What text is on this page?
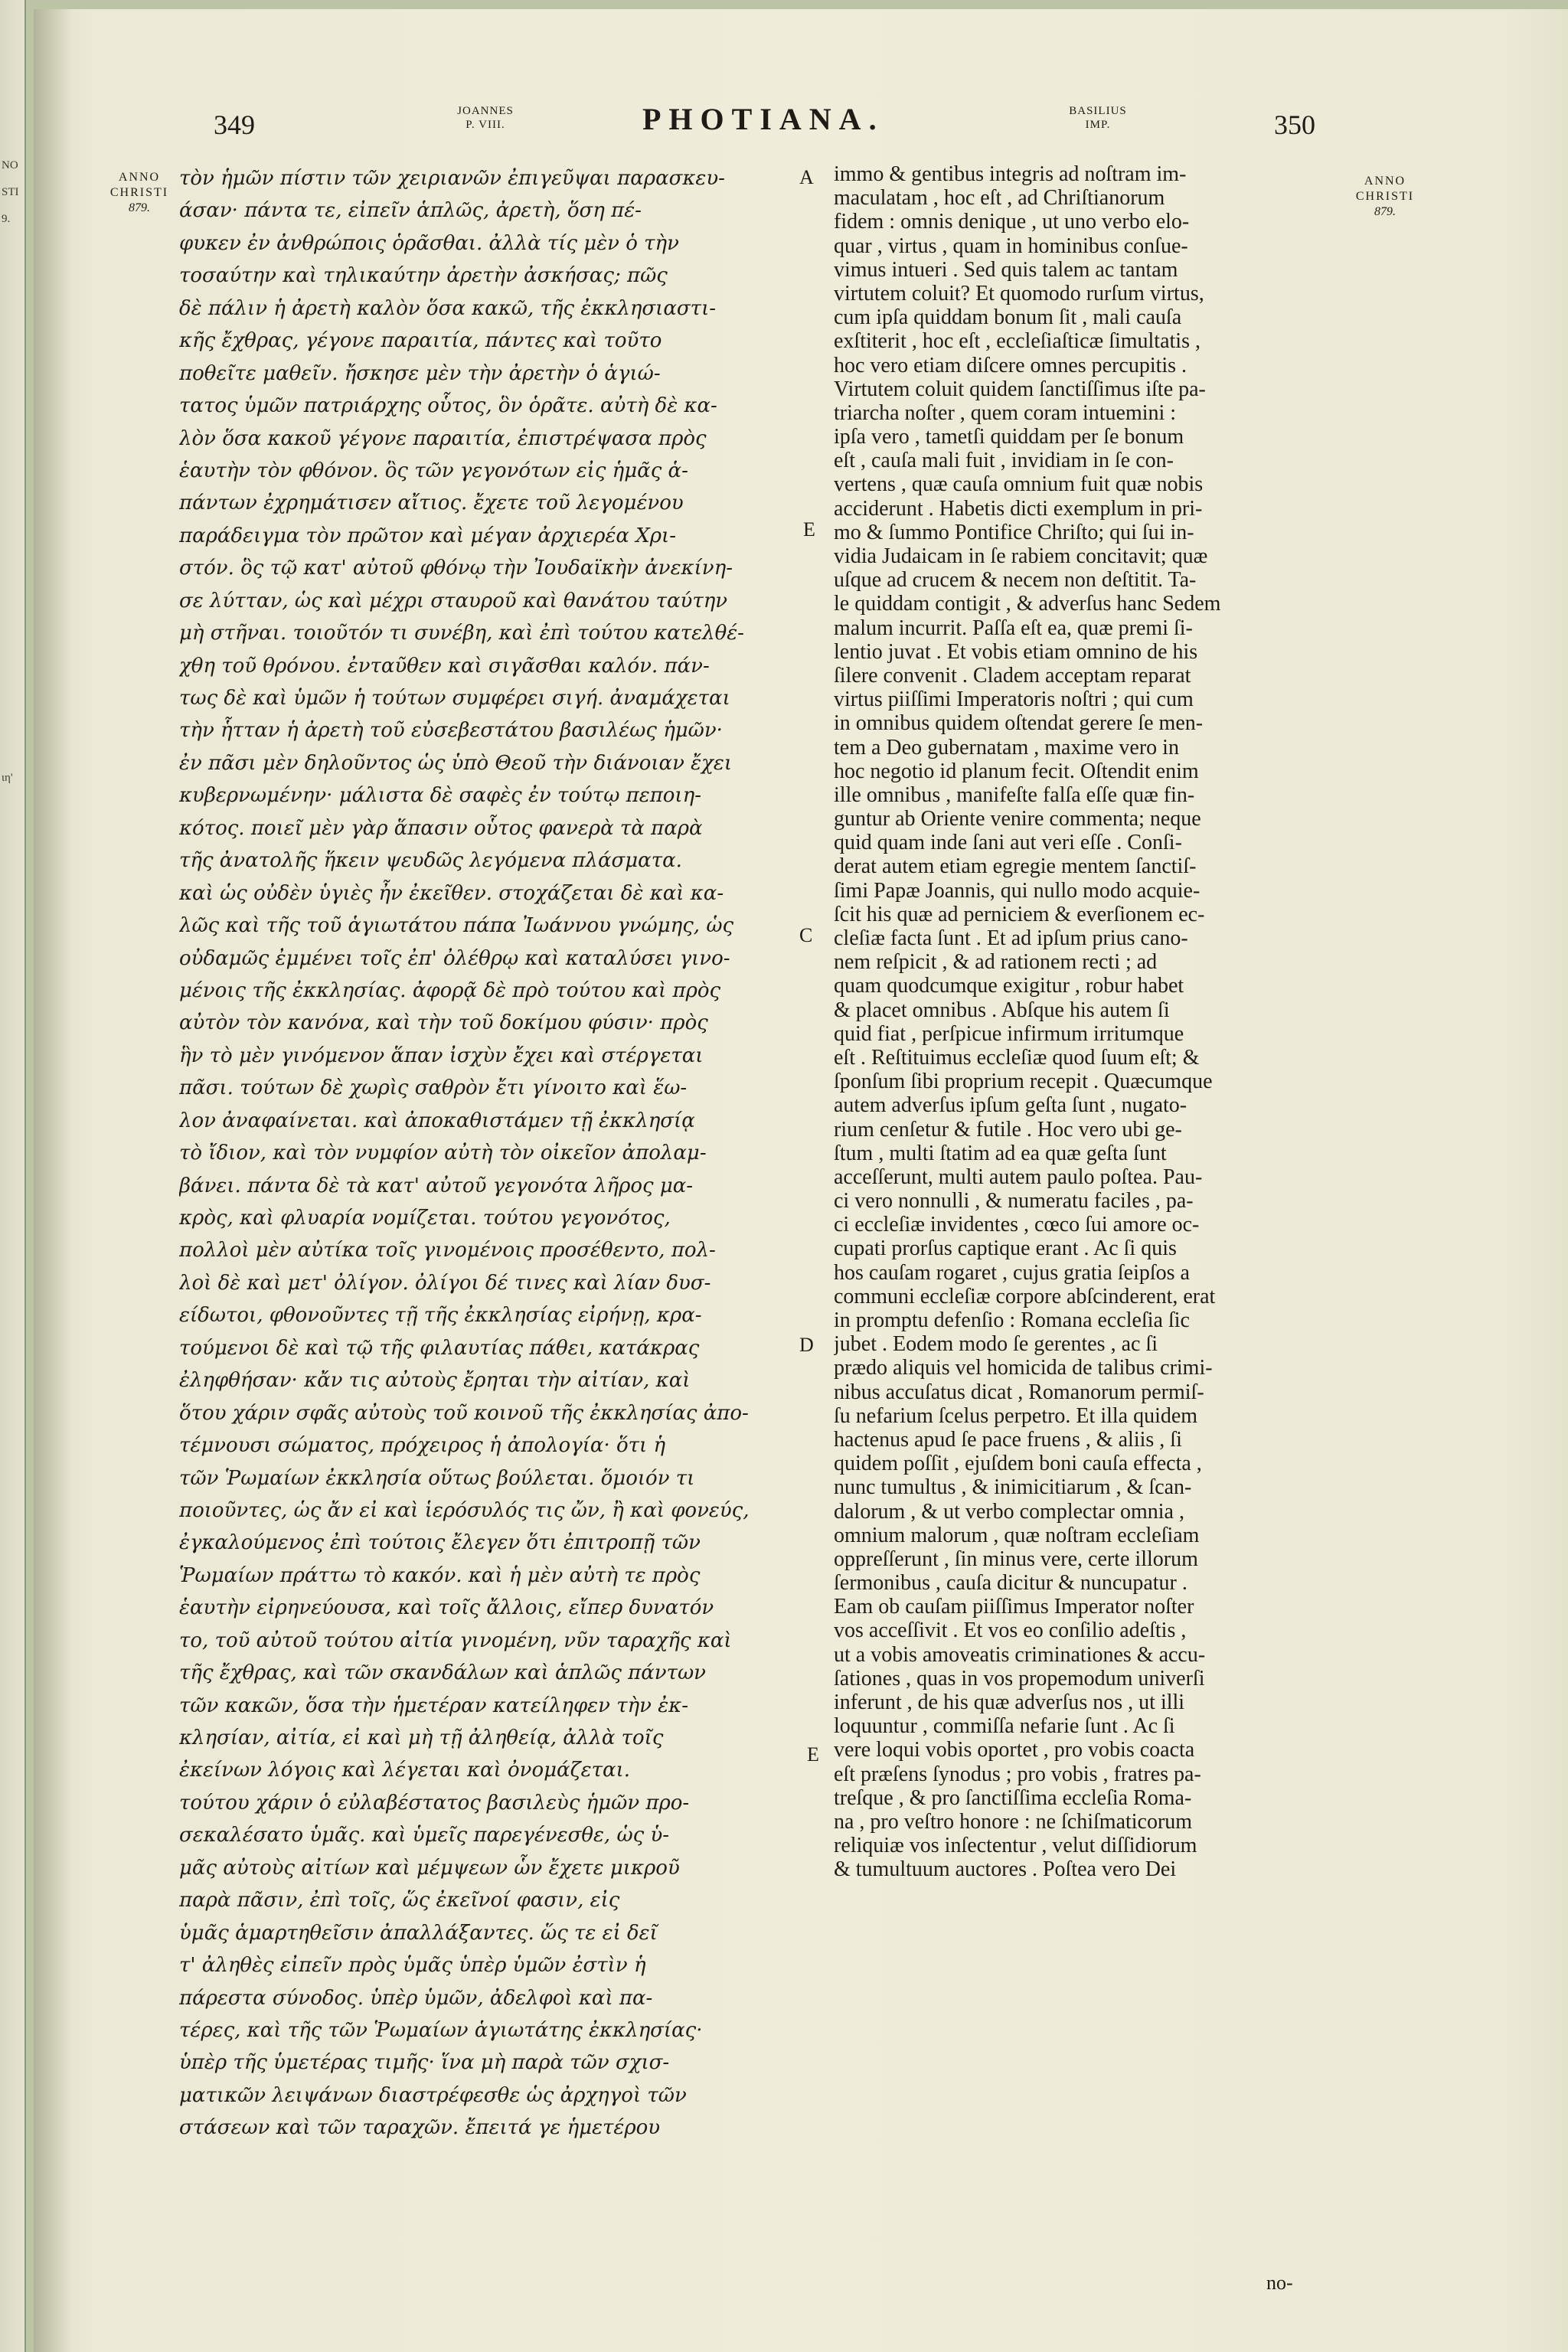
NO
STI
9.
ιη'
349	JOANNES
P. VIII.	PHOTIANA.	BASILIUS
IMP.	350
ANNO
CHRISTI
879.
ANNO
CHRISTI
879.
A
E
C
D
E
τὸν ἡμῶν πίστιν τῶν χειριανῶν ἐπιγεῦψαι παρασκευ-
άσαν· πάντα τε, εἰπεῖν ἁπλῶς, ἀρετὴ, ὅση πέ-
φυκεν ἐν ἀνθρώποις ὁρᾶσθαι. ἀλλὰ τίς μὲν ὁ τὴν
τοσαύτην καὶ τηλικαύτην ἀρετὴν ἀσκήσας; πῶς
δὲ πάλιν ἡ ἀρετὴ καλὸν ὅσα κακῶ, τῆς ἐκκλησιαστι-
κῆς ἔχθρας, γέγονε παραιτία, πάντες καὶ τοῦτο
ποθεῖτε μαθεῖν. ἤσκησε μὲν τὴν ἀρετὴν ὁ ἁγιώ-
τατος ὑμῶν πατριάρχης οὗτος, ὃν ὁρᾶτε. αὐτὴ δὲ κα-
λὸν ὅσα κακοῦ γέγονε παραιτία, ἐπιστρέψασα πρὸς
ἑαυτὴν τὸν φθόνον. ὃς τῶν γεγονότων εἰς ἡμᾶς ἁ-
πάντων ἐχρημάτισεν αἴτιος. ἔχετε τοῦ λεγομένου
παράδειγμα τὸν πρῶτον καὶ μέγαν ἀρχιερέα Χρι-
στόν. ὃς τῷ κατ' αὐτοῦ φθόνῳ τὴν Ἰουδαϊκὴν ἀνεκίνη-
σε λύτταν, ὡς καὶ μέχρι σταυροῦ καὶ θανάτου ταύτην
μὴ στῆναι. τοιοῦτόν τι συνέβη, καὶ ἐπὶ τούτου κατελθέ-
χθη τοῦ θρόνου. ἐνταῦθεν καὶ σιγᾶσθαι καλόν. πάν-
τως δὲ καὶ ὑμῶν ἡ τούτων συμφέρει σιγή. ἀναμάχεται
τὴν ἧτταν ἡ ἀρετὴ τοῦ εὐσεβεστάτου βασιλέως ἡμῶν·
ἐν πᾶσι μὲν δηλοῦντος ὡς ὑπὸ Θεοῦ τὴν διάνοιαν ἔχει
κυβερνωμένην· μάλιστα δὲ σαφὲς ἐν τούτῳ πεποιη-
κότος. ποιεῖ μὲν γὰρ ἅπασιν οὗτος φανερὰ τὰ παρὰ
τῆς ἀνατολῆς ἥκειν ψευδῶς λεγόμενα πλάσματα.
καὶ ὡς οὐδὲν ὑγιὲς ἦν ἐκεῖθεν. στοχάζεται δὲ καὶ κα-
λῶς καὶ τῆς τοῦ ἁγιωτάτου πάπα Ἰωάννου γνώμης, ὡς
οὐδαμῶς ἐμμένει τοῖς ἐπ' ὀλέθρῳ καὶ καταλύσει γινο-
μένοις τῆς ἐκκλησίας. ἀφορᾷ δὲ πρὸ τούτου καὶ πρὸς
αὐτὸν τὸν κανόνα, καὶ τὴν τοῦ δοκίμου φύσιν· πρὸς
ἣν τὸ μὲν γινόμενον ἅπαν ἰσχὺν ἔχει καὶ στέργεται
πᾶσι. τούτων δὲ χωρὶς σαθρὸν ἔτι γίνοιτο καὶ ἕω-
λον ἀναφαίνεται. καὶ ἀποκαθιστάμεν τῇ ἐκκλησίᾳ
τὸ ἴδιον, καὶ τὸν νυμφίον αὐτὴ τὸν οἰκεῖον ἀπολαμ-
βάνει. πάντα δὲ τὰ κατ' αὐτοῦ γεγονότα λῆρος μα-
κρὸς, καὶ φλυαρία νομίζεται. τούτου γεγονότος,
πολλοὶ μὲν αὐτίκα τοῖς γινομένοις προσέθεντο, πολ-
λοὶ δὲ καὶ μετ' ὀλίγον. ὀλίγοι δέ τινες καὶ λίαν δυσ-
είδωτοι, φθονοῦντες τῇ τῆς ἐκκλησίας εἰρήνῃ, κρα-
τούμενοι δὲ καὶ τῷ τῆς φιλαυτίας πάθει, κατάκρας
ἐληφθήσαν· κἄν τις αὐτοὺς ἔρηται τὴν αἰτίαν, καὶ
ὅτου χάριν σφᾶς αὐτοὺς τοῦ κοινοῦ τῆς ἐκκλησίας ἀπο-
τέμνουσι σώματος, πρόχειρος ἡ ἀπολογία· ὅτι ἡ
τῶν Ῥωμαίων ἐκκλησία οὕτως βούλεται. ὅμοιόν τι
ποιοῦντες, ὡς ἄν εἰ καὶ ἱερόσυλός τις ὤν, ἢ καὶ φονεύς,
ἐγκαλούμενος ἐπὶ τούτοις ἔλεγεν ὅτι ἐπιτροπῇ τῶν
Ῥωμαίων πράττω τὸ κακόν. καὶ ἡ μὲν αὐτὴ τε πρὸς
ἑαυτὴν εἰρηνεύουσα, καὶ τοῖς ἄλλοις, εἴπερ δυνατόν
το, τοῦ αὐτοῦ τούτου αἰτία γινομένη, νῦν ταραχῆς καὶ
τῆς ἔχθρας, καὶ τῶν σκανδάλων καὶ ἁπλῶς πάντων
τῶν κακῶν, ὅσα τὴν ἡμετέραν κατείληφεν τὴν ἐκ-
κλησίαν, αἰτία, εἰ καὶ μὴ τῇ ἀληθείᾳ, ἀλλὰ τοῖς
ἐκείνων λόγοις καὶ λέγεται καὶ ὀνομάζεται.
τούτου χάριν ὁ εὐλαβέστατος βασιλεὺς ἡμῶν προ-
σεκαλέσατο ὑμᾶς. καὶ ὑμεῖς παρεγένεσθε, ὡς ὑ-
μᾶς αὐτοὺς αἰτίων καὶ μέμψεων ὧν ἔχετε μικροῦ
παρὰ πᾶσιν, ἐπὶ τοῖς, ὥς ἐκεῖνοί φασιν, εἰς
ὑμᾶς ἁμαρτηθεῖσιν ἀπαλλάξαντες. ὥς τε εἰ δεῖ
τ' ἀληθὲς εἰπεῖν πρὸς ὑμᾶς ὑπὲρ ὑμῶν ἐστὶν ἡ
πάρεστα σύνοδος. ὑπὲρ ὑμῶν, ἀδελφοὶ καὶ πα-
τέρες, καὶ τῆς τῶν Ῥωμαίων ἁγιωτάτης ἐκκλησίας·
ὑπὲρ τῆς ὑμετέρας τιμῆς· ἵνα μὴ παρὰ τῶν σχισ-
ματικῶν λειψάνων διαστρέφεσθε ὡς ἀρχηγοὶ τῶν
στάσεων καὶ τῶν ταραχῶν. ἔπειτά γε ἡμετέρου
immo & gentibus integris ad noſtram im-
maculatam , hoc eſt , ad Chriſtianorum
fidem : omnis denique , ut uno verbo elo-
quar , virtus , quam in hominibus conſue-
vimus intueri . Sed quis talem ac tantam
virtutem coluit? Et quomodo rurſum virtus,
cum ipſa quiddam bonum ſit , mali cauſa
exſtiterit , hoc eſt , eccleſiaſticæ ſimultatis ,
hoc vero etiam diſcere omnes percupitis .
Virtutem coluit quidem ſanctiſſimus iſte pa-
triarcha noſter , quem coram intuemini :
ipſa vero , tametſi quiddam per ſe bonum
eſt , cauſa mali fuit , invidiam in ſe con-
vertens , quæ cauſa omnium fuit quæ nobis
acciderunt . Habetis dicti exemplum in pri-
mo & ſummo Pontifice Chriſto; qui ſui in-
vidia Judaicam in ſe rabiem concitavit; quæ
uſque ad crucem & necem non deſtitit. Ta-
le quiddam contigit , & adverſus hanc Sedem
malum incurrit. Paſſa eſt ea, quæ premi ſi-
lentio juvat . Et vobis etiam omnino de his
ſilere convenit . Cladem acceptam reparat
virtus piiſſimi Imperatoris noſtri ; qui cum
in omnibus quidem oſtendat gerere ſe men-
tem a Deo gubernatam , maxime vero in
hoc negotio id planum fecit. Oſtendit enim
ille omnibus , manifeſte falſa eſſe quæ fin-
guntur ab Oriente venire commenta; neque
quid quam inde ſani aut veri eſſe . Conſi-
derat autem etiam egregie mentem ſanctiſ-
ſimi Papæ Joannis, qui nullo modo acquie-
ſcit his quæ ad perniciem & everſionem ec-
cleſiæ facta ſunt . Et ad ipſum prius cano-
nem reſpicit , & ad rationem recti ; ad
quam quodcumque exigitur , robur habet
& placet omnibus . Abſque his autem ſi
quid fiat , perſpicue infirmum irritumque
eſt . Reſtituimus eccleſiæ quod ſuum eſt; &
ſponſum ſibi proprium recepit . Quæcumque
autem adverſus ipſum geſta ſunt , nugato-
rium cenſetur & futile . Hoc vero ubi ge-
ſtum , multi ſtatim ad ea quæ geſta ſunt
acceſſerunt, multi autem paulo poſtea. Pau-
ci vero nonnulli , & numeratu faciles , pa-
ci eccleſiæ invidentes , cœco ſui amore oc-
cupati prorſus captique erant . Ac ſi quis
hos cauſam rogaret , cujus gratia ſeipſos a
communi eccleſiæ corpore abſcinderent, erat
in promptu defenſio : Romana eccleſia ſic
jubet . Eodem modo ſe gerentes , ac ſi
prædo aliquis vel homicida de talibus crimi-
nibus accuſatus dicat , Romanorum permiſ-
ſu nefarium ſcelus perpetro. Et illa quidem
hactenus apud ſe pace fruens , & aliis , ſi
quidem poſſit , ejuſdem boni cauſa effecta ,
nunc tumultus , & inimicitiarum , & ſcan-
dalorum , & ut verbo complectar omnia ,
omnium malorum , quæ noſtram eccleſiam
oppreſſerunt , ſin minus vere, certe illorum
ſermonibus , cauſa dicitur & nuncupatur .
Eam ob cauſam piiſſimus Imperator noſter
vos acceſſivit . Et vos eo conſilio adeſtis ,
ut a vobis amoveatis criminationes & accu-
ſationes , quas in vos propemodum univerſi
inferunt , de his quæ adverſus nos , ut illi
loquuntur , commiſſa nefarie ſunt . Ac ſi
vere loqui vobis oportet , pro vobis coacta
eſt præſens ſynodus ; pro vobis , fratres pa-
treſque , & pro ſanctiſſima eccleſia Roma-
na , pro veſtro honore : ne ſchiſmaticorum
reliquiæ vos inſectentur , velut diſſidiorum
& tumultuum auctores . Poſtea vero Dei
no-
